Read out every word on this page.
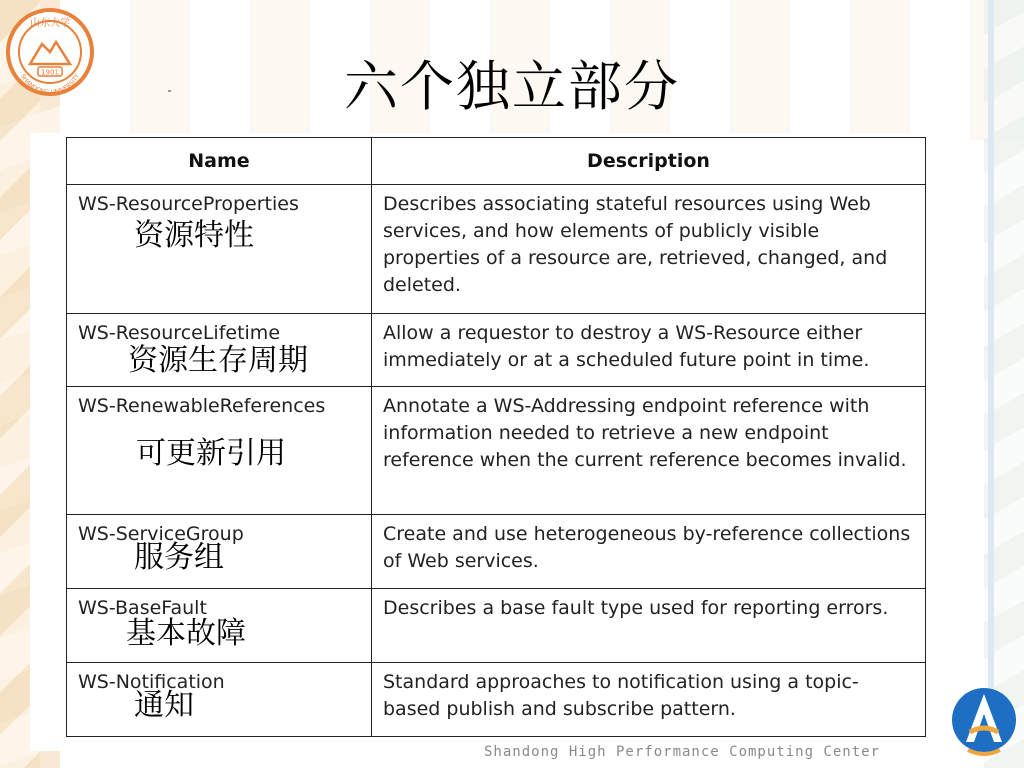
1901
山东大学
SHANDONG UNIVERSITY	六个独立部分
Name	Description

WS-ResourceProperties
资源特性	Describes associating stateful resources using Web services, and how elements of publicly visible properties of a resource are, retrieved, changed, and deleted.

WS-ResourceLifetime
资源生存周期	Allow a requestor to destroy a WS-Resource either immediately or at a scheduled future point in time.

WS-RenewableReferences
可更新引用	Annotate a WS-Addressing endpoint reference with information needed to retrieve a new endpoint reference when the current reference becomes invalid.

WS-ServiceGroup
服务组	Create and use heterogeneous by-reference collections of Web services.

WS-BaseFault
基本故障	Describes a base fault type used for reporting errors.

WS-Notification
通知	Standard approaches to notification using a topic-based publish and subscribe pattern.
Shandong High Performance Computing Center
